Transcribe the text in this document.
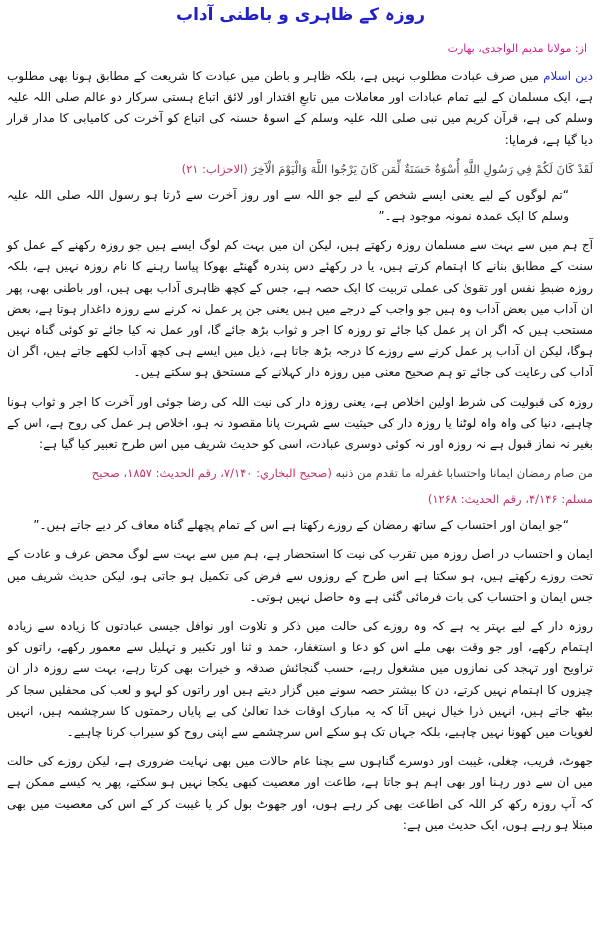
روزہ کے ظاہری و باطنی آداب
از: مولانا مدیم الواجدی، بھارت

دین اسلام میں صرف عبادت مطلوب نہیں ہے، بلکہ ظاہر و باطن میں عبادت کا شریعت کے مطابق ہونا بھی مطلوب ہے، ایک مسلمان کے لیے تمام عبادات اور معاملات میں تابعِ اقتدار اور لائق اتباع ہستی سرکار دو عالم صلی اللہ علیہ وسلم کی ہے، قرآن کریم میں نبی صلی اللہ علیہ وسلم کے اسوۂ حسنہ کی اتباع کو آخرت کی کامیابی کا مدار قرار دیا گیا ہے، فرمایا:

لَقَدْ كَانَ لَكُمْ فِي رَسُولِ اللَّهِ أُسْوَةٌ حَسَنَةٌ لِّمَن كَانَ يَرْجُوا اللَّهَ وَالْيَوْمَ الْآخِرَ (الاحزاب: ۲۱)

“تم لوگوں کے لیے یعنی ایسے شخص کے لیے جو اللہ سے اور روز آخرت سے ڈرتا ہو رسول اللہ صلی اللہ علیہ وسلم کا ایک عمدہ نمونہ موجود ہے۔”

آج ہم میں سے بہت سے مسلمان روزہ رکھتے ہیں، لیکن ان میں بہت کم لوگ ایسے ہیں جو روزہ رکھنے کے عمل کو سنت کے مطابق بنانے کا اہتمام کرتے ہیں، یا در رکھئے دس پندرہ گھنٹے بھوکا پیاسا رہنے کا نام روزہ نہیں ہے، بلکہ روزہ ضبطِ نفس اور تقویٰ کی عملی تربیت کا ایک حصہ ہے، جس کے کچھ ظاہری آداب بھی ہیں، اور باطنی بھی، پھر ان آداب میں بعض آداب وہ ہیں جو واجب کے درجے میں ہیں یعنی جن پر عمل نہ کرنے سے روزہ داغدار ہوتا ہے، بعض مستحب ہیں کہ اگر ان پر عمل کیا جائے تو روزہ کا اجر و ثواب بڑھ جائے گا، اور عمل نہ کیا جائے تو کوئی گناہ نہیں ہوگا، لیکن ان آداب پر عمل کرنے سے روزے کا درجہ بڑھ جاتا ہے، ذیل میں ایسے ہی کچھ آداب لکھے جاتے ہیں، اگر ان آداب کی رعایت کی جائے تو ہم صحیح معنی میں روزہ دار کہلانے کے مستحق ہو سکتے ہیں۔

روزہ کی قبولیت کی شرط اولین اخلاص ہے، یعنی روزہ دار کی نیت اللہ کی رضا جوئی اور آخرت کا اجر و ثواب ہونا چاہیے، دنیا کی واہ واہ لوٹنا یا روزہ دار کی حیثیت سے شہرت پانا مقصود نہ ہو، اخلاص ہر عمل کی روح ہے، اس کے بغیر نہ نماز قبول ہے نہ روزہ اور نہ کوئی دوسری عبادت، اسی کو حدیث شریف میں اس طرح تعبیر کیا گیا ہے:

من صام رمضان ایمانا واحتسابا غفرله ما تقدم من ذنبه (صحيح البخاري: ۷/۱۴۰، رقم الحديث: ۱۸۵۷، صحيح

مسلم: ۴/۱۴۶، رقم الحديث: ۱۲۶۸)

“جو ایمان اور احتساب کے ساتھ رمضان کے روزے رکھتا ہے اس کے تمام پچھلے گناہ معاف کر دیے جاتے ہیں۔”

ایمان و احتساب در اصل روزہ میں تقرب کی نیت کا استحضار ہے، ہم میں سے بہت سے لوگ محض عرف و عادت کے تحت روزے رکھتے ہیں، ہو سکتا ہے اس طرح کے روزوں سے فرض کی تکمیل ہو جاتی ہو، لیکن حدیث شریف میں جس ایمان و احتساب کی بات فرمائی گئی ہے وہ حاصل نہیں ہوتی۔

روزہ دار کے لیے بہتر یہ ہے کہ وہ روزے کی حالت میں ذکر و تلاوت اور نوافل جیسی عبادتوں کا زیادہ سے زیادہ اہتمام رکھے، اور جو وقت بھی ملے اس کو دعا و استغفار، حمد و ثنا اور تکبیر و تہلیل سے معمور رکھے، راتوں کو تراویح اور تہجد کی نمازوں میں مشغول رہے، حسب گنجائش صدقہ و خیرات بھی کرتا رہے، بہت سے روزہ دار ان چیزوں کا اہتمام نہیں کرتے، دن کا بیشتر حصہ سونے میں گزار دیتے ہیں اور راتوں کو لہو و لعب کی محفلیں سجا کر بیٹھ جاتے ہیں، انہیں ذرا خیال نہیں آتا کہ یہ مبارک اوقات خدا تعالیٰ کی بے پایاں رحمتوں کا سرچشمہ ہیں، انہیں لغویات میں کھونا نہیں چاہیے، بلکہ جہاں تک ہو سکے اس سرچشمے سے اپنی روح کو سیراب کرنا چاہیے۔

جھوٹ، فریب، چغلی، غیبت اور دوسرے گناہوں سے بچنا عام حالات میں بھی نہایت ضروری ہے، لیکن روزے کی حالت میں ان سے دور رہنا اور بھی اہم ہو جاتا ہے، طاعت اور معصیت کبھی یکجا نہیں ہو سکتے، پھر یہ کیسے ممکن ہے کہ آپ روزہ رکھ کر اللہ کی اطاعت بھی کر رہے ہوں، اور جھوٹ بول کر یا غیبت کر کے اس کی معصیت میں بھی مبتلا ہو رہے ہوں، ایک حدیث میں ہے:
